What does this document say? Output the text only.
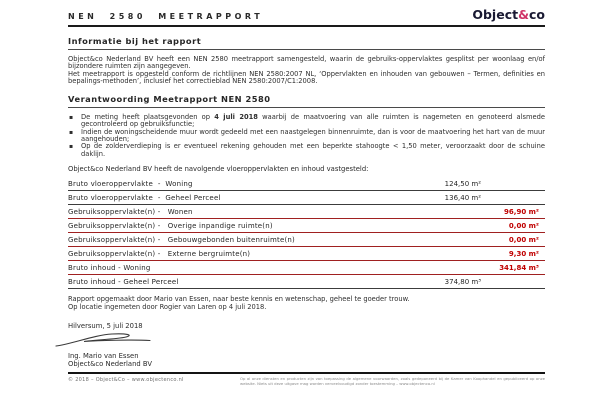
NEN 2580 MEETRAPPORT	Object&co
Informatie bij het rapport
Object&co Nederland BV heeft een NEN 2580 meetrapport samengesteld, waarin de gebruiks-oppervlaktes gesplitst per woonlaag en/of bijzondere ruimten zijn aangegeven.
Het meetrapport is opgesteld conform de richtlijnen NEN 2580:2007 NL, ‘Oppervlakten en inhouden van gebouwen – Termen, definities en bepalings-methoden’, inclusief het correctieblad NEN 2580:2007/C1:2008.
Verantwoording Meetrapport NEN 2580
▪	De meting heeft plaatsgevonden op 4 juli 2018 waarbij de maatvoering van alle ruimten is nagemeten en genoteerd alsmede gecontroleerd op gebruiksfunctie;
▪	Indien de woningscheidende muur wordt gedeeld met een naastgelegen binnenruimte, dan is voor de maatvoering het hart van de muur aangehouden;
▪	Op de zolderverdieping is er eventueel rekening gehouden met een beperkte stahoogte < 1,50 meter, veroorzaakt door de schuine daklijn.
Object&co Nederland BV heeft de navolgende vloeroppervlakten en inhoud vastgesteld:
Bruto vloeroppervlakte  -  Woning	124,50 m²
Bruto vloeroppervlakte  -  Geheel Perceel	136,40 m²
Gebruiksoppervlakte(n) -   Wonen	96,90 m²
Gebruiksoppervlakte(n) -   Overige inpandige ruimte(n)	0,00 m²
Gebruiksoppervlakte(n) -   Gebouwgebonden buitenruimte(n)	0,00 m²
Gebruiksoppervlakte(n) -   Externe bergruimte(n)	9,30 m²
Bruto inhoud - Woning	341,84 m³
Bruto inhoud - Geheel Perceel	374,80 m³
Rapport opgemaakt door Mario van Essen, naar beste kennis en wetenschap, geheel te goeder trouw.
Op locatie ingemeten door Rogier van Laren op 4 juli 2018.
Hilversum, 5 juli 2018
Ing. Mario van Essen
Object&co Nederland BV
© 2018 – Object&Co – www.objectenco.nl	Op al onze diensten en producten zijn van toepassing de algemene voorwaarden, zoals gedeponeerd bij de Kamer van Koophandel en gepubliceerd op onze website. Niets uit deze uitgave mag worden verveelvoudigd zonder toestemming – www.objectenco.nl
